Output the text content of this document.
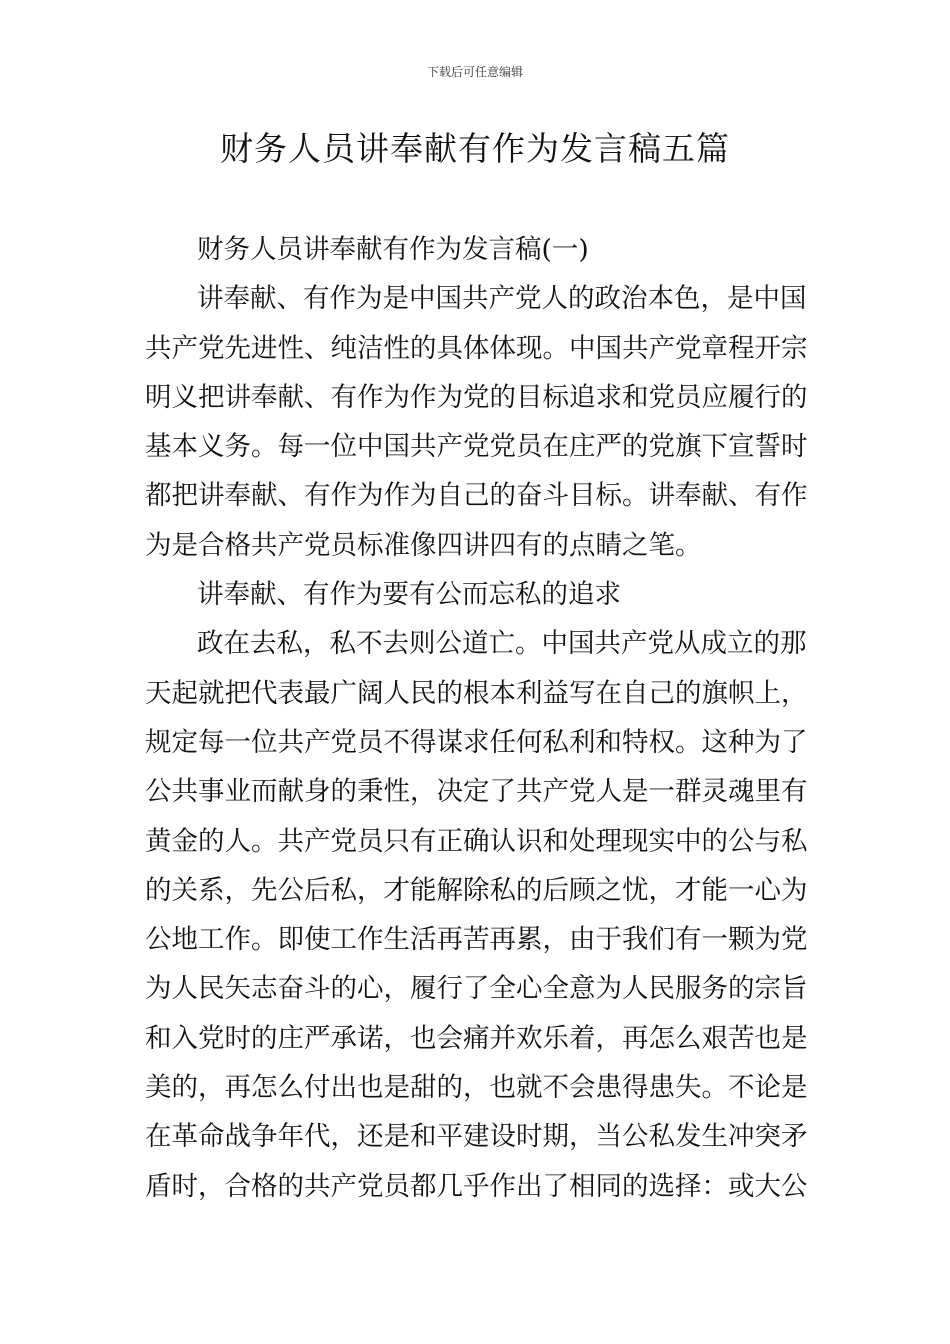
下载后可任意编辑
财务人员讲奉献有作为发言稿五篇
财务人员讲奉献有作为发言稿(一)
讲奉献、有作为是中国共产党人的政治本色，是中国
共产党先进性、纯洁性的具体体现。中国共产党章程开宗
明义把讲奉献、有作为作为党的目标追求和党员应履行的
基本义务。每一位中国共产党党员在庄严的党旗下宣誓时
都把讲奉献、有作为作为自己的奋斗目标。讲奉献、有作
为是合格共产党员标准像四讲四有的点睛之笔。
讲奉献、有作为要有公而忘私的追求
政在去私，私不去则公道亡。中国共产党从成立的那
天起就把代表最广阔人民的根本利益写在自己的旗帜上，
规定每一位共产党员不得谋求任何私利和特权。这种为了
公共事业而献身的秉性，决定了共产党人是一群灵魂里有
黄金的人。共产党员只有正确认识和处理现实中的公与私
的关系，先公后私，才能解除私的后顾之忧，才能一心为
公地工作。即使工作生活再苦再累，由于我们有一颗为党
为人民矢志奋斗的心，履行了全心全意为人民服务的宗旨
和入党时的庄严承诺，也会痛并欢乐着，再怎么艰苦也是
美的，再怎么付出也是甜的，也就不会患得患失。不论是
在革命战争年代，还是和平建设时期，当公私发生冲突矛
盾时，合格的共产党员都几乎作出了相同的选择：或大公
